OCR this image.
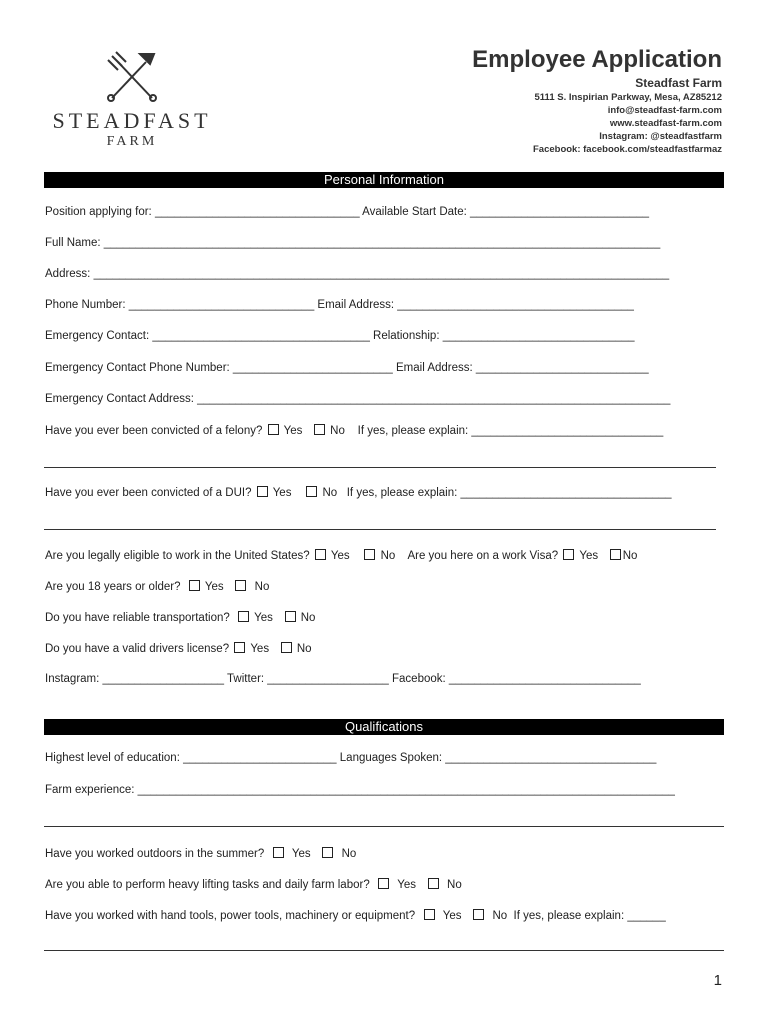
STEADFAST
FARM
Employee Application
Steadfast Farm
5111 S. Inspirian Parkway, Mesa, AZ85212
info@steadfast-farm.com
www.steadfast-farm.com
Instagram: @steadfastfarm
Facebook: facebook.com/steadfastfarmaz
Personal Information
Position applying for: ________________________________ Available Start Date: ____________________________
Full Name: _______________________________________________________________________________________
Address: __________________________________________________________________________________________
Phone Number: _____________________________ Email Address: _____________________________________
Emergency Contact: __________________________________ Relationship: ______________________________
Emergency Contact Phone Number: _________________________ Email Address: ___________________________
Emergency Contact Address: __________________________________________________________________________
Have you ever been convicted of a felony? Yes No If yes, please explain: ______________________________
Have you ever been convicted of a DUI? Yes	No If yes, please explain: _________________________________
Are you legally eligible to work in the United States? Yes	No Are you here on a work Visa? Yes No
Are you 18 years or older? Yes	No
Do you have reliable transportation? Yes No
Do you have a valid drivers license? Yes No
Instagram: ___________________ Twitter: ___________________ Facebook: ______________________________
Qualifications
Highest level of education: ________________________ Languages Spoken: _________________________________
Farm experience: ____________________________________________________________________________________
Have you worked outdoors in the summer? Yes	No
Are you able to perform heavy lifting tasks and daily farm labor? Yes	No
Have you worked with hand tools, power tools, machinery or equipment? Yes	No If yes, please explain: ______
1
